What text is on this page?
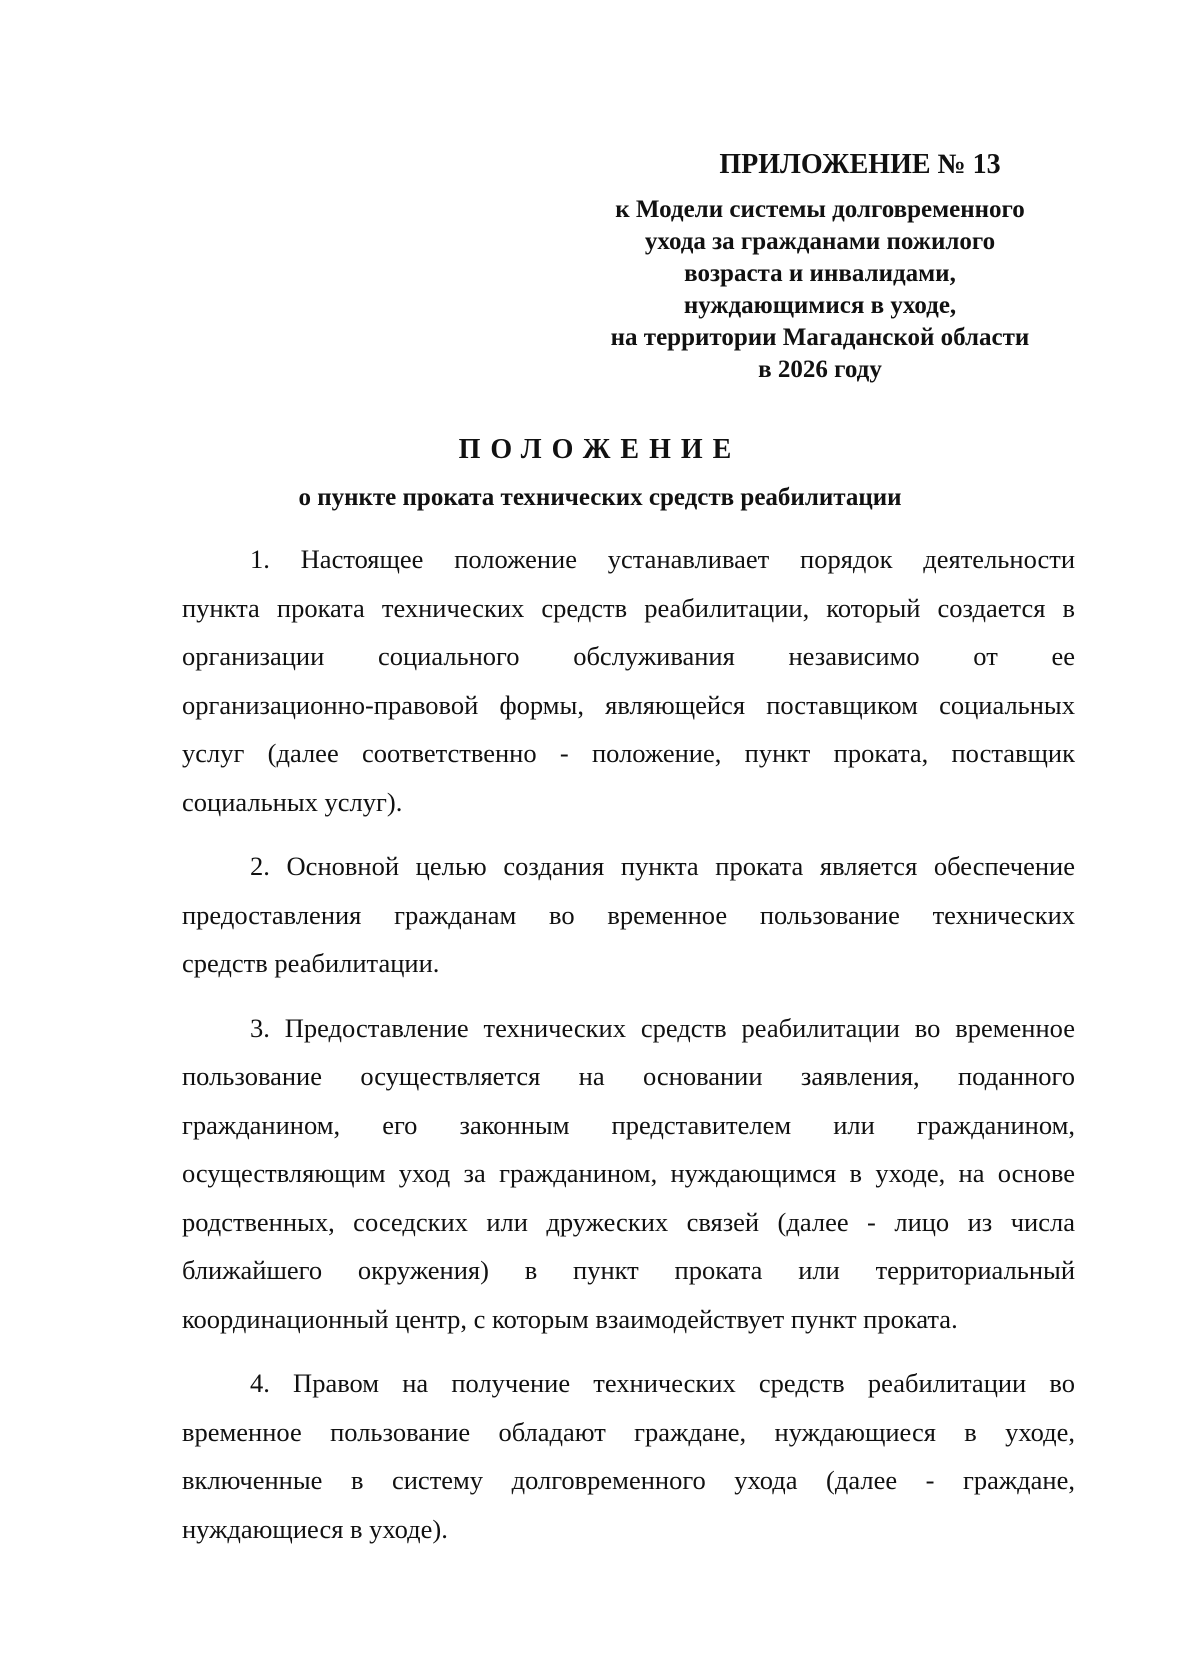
ПРИЛОЖЕНИЕ № 13
к Модели системы долговременного
ухода за гражданами пожилого
возраста и инвалидами,
нуждающимися в уходе,
на территории Магаданской области
в 2026 году
ПОЛОЖЕНИЕ
о пункте проката технических средств реабилитации
1. Настоящее положение устанавливает порядок деятельности
пункта проката технических средств реабилитации, который создается в
организации социального обслуживания независимо от ее
организационно-правовой формы, являющейся поставщиком социальных
услуг (далее соответственно - положение, пункт проката, поставщик
социальных услуг).
2. Основной целью создания пункта проката является обеспечение
предоставления гражданам во временное пользование технических
средств реабилитации.
3. Предоставление технических средств реабилитации во временное
пользование осуществляется на основании заявления, поданного
гражданином, его законным представителем или гражданином,
осуществляющим уход за гражданином, нуждающимся в уходе, на основе
родственных, соседских или дружеских связей (далее - лицо из числа
ближайшего окружения) в пункт проката или территориальный
координационный центр, с которым взаимодействует пункт проката.
4. Правом на получение технических средств реабилитации во
временное пользование обладают граждане, нуждающиеся в уходе,
включенные в систему долговременного ухода (далее - граждане,
нуждающиеся в уходе).
